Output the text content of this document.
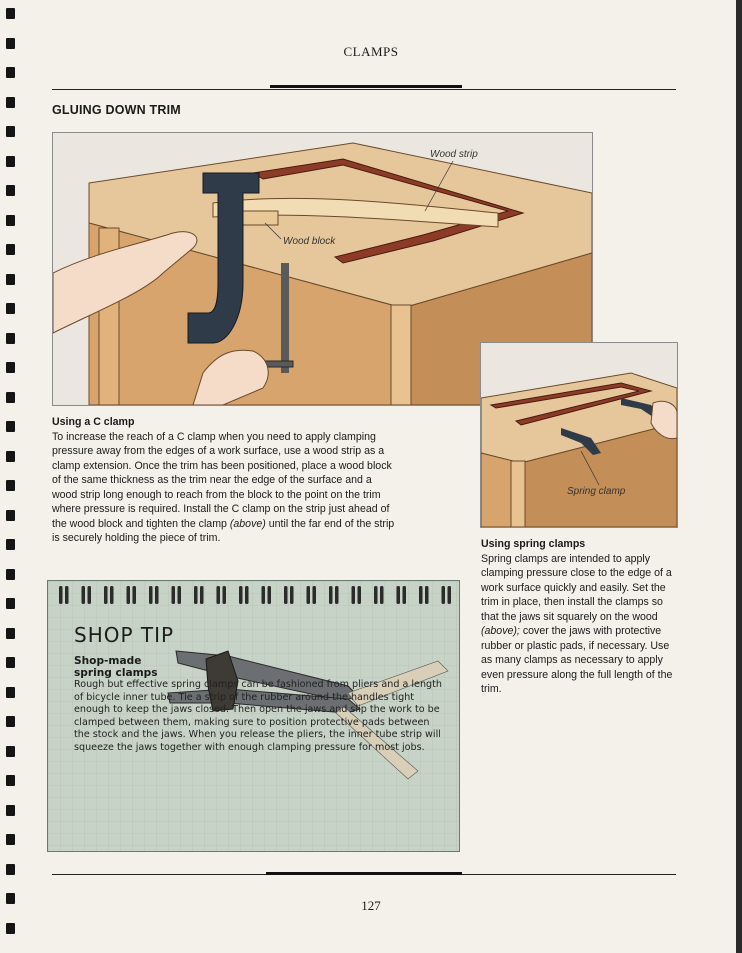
CLAMPS
GLUING DOWN TRIM
Wood strip
Wood block
Spring clamp
Using a C clamp

To increase the reach of a C clamp when you need to apply clamping pressure away from the edges of a work surface, use a wood strip as a clamp extension. Once the trim has been positioned, place a wood block of the same thickness as the trim near the edge of the surface and a wood strip long enough to reach from the block to the point on the trim where pressure is required. Install the C clamp on the strip just ahead of the wood block and tighten the clamp (above) until the far end of the strip is securely holding the piece of trim.	Using spring clamps

Spring clamps are intended to apply clamping pressure close to the edge of a work surface quickly and easily. Set the trim in place, then install the clamps so that the jaws sit squarely on the wood (above); cover the jaws with protective rubber or plastic pads, if necessary. Use as many clamps as necessary to apply even pressure along the full length of the trim.

SHOP TIP
Shop-made spring clamps
Rough but effective spring clamps can be fashioned from pliers and a length of bicycle inner tube. Tie a strip of the rubber around the handles tight enough to keep the jaws closed. Then open the jaws and slip the work to be clamped between them, making sure to position protective pads between the stock and the jaws. When you release the pliers, the inner tube strip will squeeze the jaws together with enough clamping pressure for most jobs.
127
